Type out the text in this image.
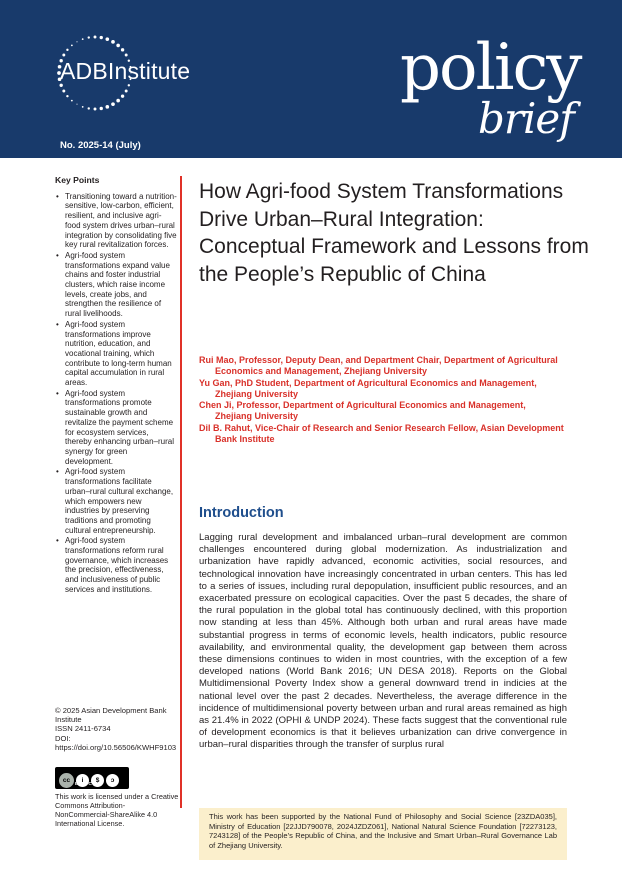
ADBInstitute	policy
brief
No. 2025-14 (July)
Key Points
• Transitioning toward a nutrition-sensitive, low-carbon, efficient, resilient, and inclusive agri-food system drives urban–rural integration by consolidating five key rural revitalization forces.
• Agri-food system transformations expand value chains and foster industrial clusters, which raise income levels, create jobs, and strengthen the resilience of rural livelihoods.
• Agri-food system transformations improve nutrition, education, and vocational training, which contribute to long-term human capital accumulation in rural areas.
• Agri-food system transformations promote sustainable growth and revitalize the payment scheme for ecosystem services, thereby enhancing urban–rural synergy for green development.
• Agri-food system transformations facilitate urban–rural cultural exchange, which empowers new industries by preserving traditions and promoting cultural entrepreneurship.
• Agri-food system transformations reform rural governance, which increases the precision, effectiveness, and inclusiveness of public services and institutions.
© 2025 Asian Development Bank Institute
ISSN 2411-6734
DOI: https://doi.org/10.56506/KWHF9103
cc i $ ↄ
BY NC SA
This work is licensed under a Creative Commons Attribution-NonCommercial-ShareAlike 4.0 International License.
How Agri-food System Transformations Drive Urban–Rural Integration: Conceptual Framework and Lessons from the People’s Republic of China

Rui Mao, Professor, Deputy Dean, and Department Chair, Department of Agricultural
Economics and Management, Zhejiang University

Yu Gan, PhD Student, Department of Agricultural Economics and Management,
Zhejiang University

Chen Ji, Professor, Department of Agricultural Economics and Management,
Zhejiang University

Dil B. Rahut, Vice-Chair of Research and Senior Research Fellow, Asian Development
Bank Institute

Introduction

Lagging rural development and imbalanced urban–rural development are common challenges encountered during global modernization. As industrialization and urbanization have rapidly advanced, economic activities, social resources, and technological innovation have increasingly concentrated in urban centers. This has led to a series of issues, including rural depopulation, insufficient public resources, and an exacerbated pressure on ecological capacities. Over the past 5 decades, the share of the rural population in the global total has continuously declined, with this proportion now standing at less than 45%. Although both urban and rural areas have made substantial progress in terms of economic levels, health indicators, public resource availability, and environmental quality, the development gap between them across these dimensions continues to widen in most countries, with the exception of a few developed nations (World Bank 2016; UN DESA 2018). Reports on the Global Multidimensional Poverty Index show a general downward trend in indicies at the national level over the past 2 decades. Nevertheless, the average difference in the incidence of multidimensional poverty between urban and rural areas remained as high as 21.4% in 2022 (OPHI & UNDP 2024). These facts suggest that the conventional rule of development economics is that it believes urbanization can drive convergence in urban–rural disparities through the transfer of surplus rural

This work has been supported by the National Fund of Philosophy and Social Science [23ZDA035], Ministry of Education [22JJD790078, 2024JZDZ061], National Natural Science Foundation [72273123, 7243128] of the People’s Republic of China, and the Inclusive and Smart Urban–Rural Governance Lab of Zhejiang University.
